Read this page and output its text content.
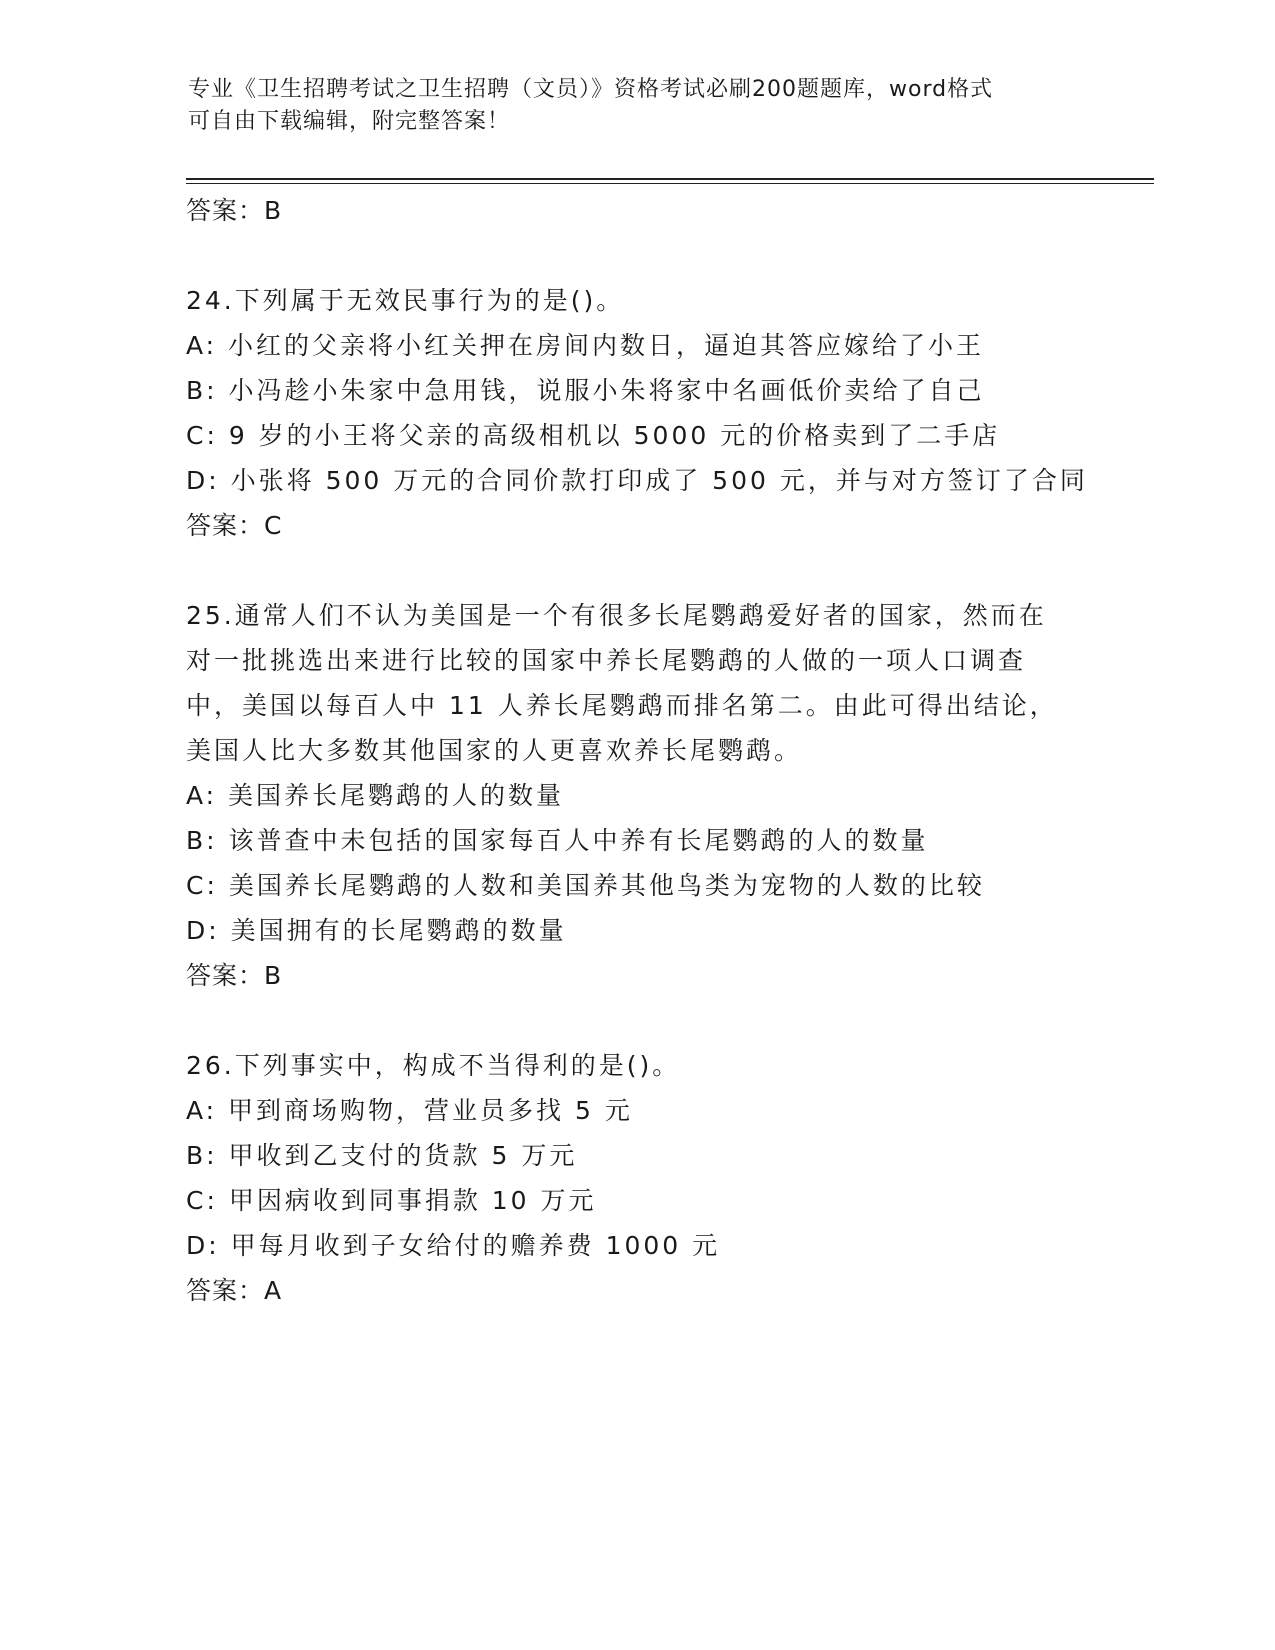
专业《卫生招聘考试之卫生招聘（文员）》资格考试必刷200题题库，word格式
可自由下载编辑，附完整答案！
答案：B
24.下列属于无效民事行为的是()。
A: 小红的父亲将小红关押在房间内数日，逼迫其答应嫁给了小王
B: 小冯趁小朱家中急用钱，说服小朱将家中名画低价卖给了自己
C: 9 岁的小王将父亲的高级相机以 5000 元的价格卖到了二手店
D: 小张将 500 万元的合同价款打印成了 500 元，并与对方签订了合同
答案：C
25.通常人们不认为美国是一个有很多长尾鹦鹉爱好者的国家，然而在
对一批挑选出来进行比较的国家中养长尾鹦鹉的人做的一项人口调查
中，美国以每百人中 11 人养长尾鹦鹉而排名第二。由此可得出结论，
美国人比大多数其他国家的人更喜欢养长尾鹦鹉。
A: 美国养长尾鹦鹉的人的数量
B: 该普查中未包括的国家每百人中养有长尾鹦鹉的人的数量
C: 美国养长尾鹦鹉的人数和美国养其他鸟类为宠物的人数的比较
D: 美国拥有的长尾鹦鹉的数量
答案：B
26.下列事实中，构成不当得利的是()。
A: 甲到商场购物，营业员多找 5 元
B: 甲收到乙支付的货款 5 万元
C: 甲因病收到同事捐款 10 万元
D: 甲每月收到子女给付的赡养费 1000 元
答案：A
